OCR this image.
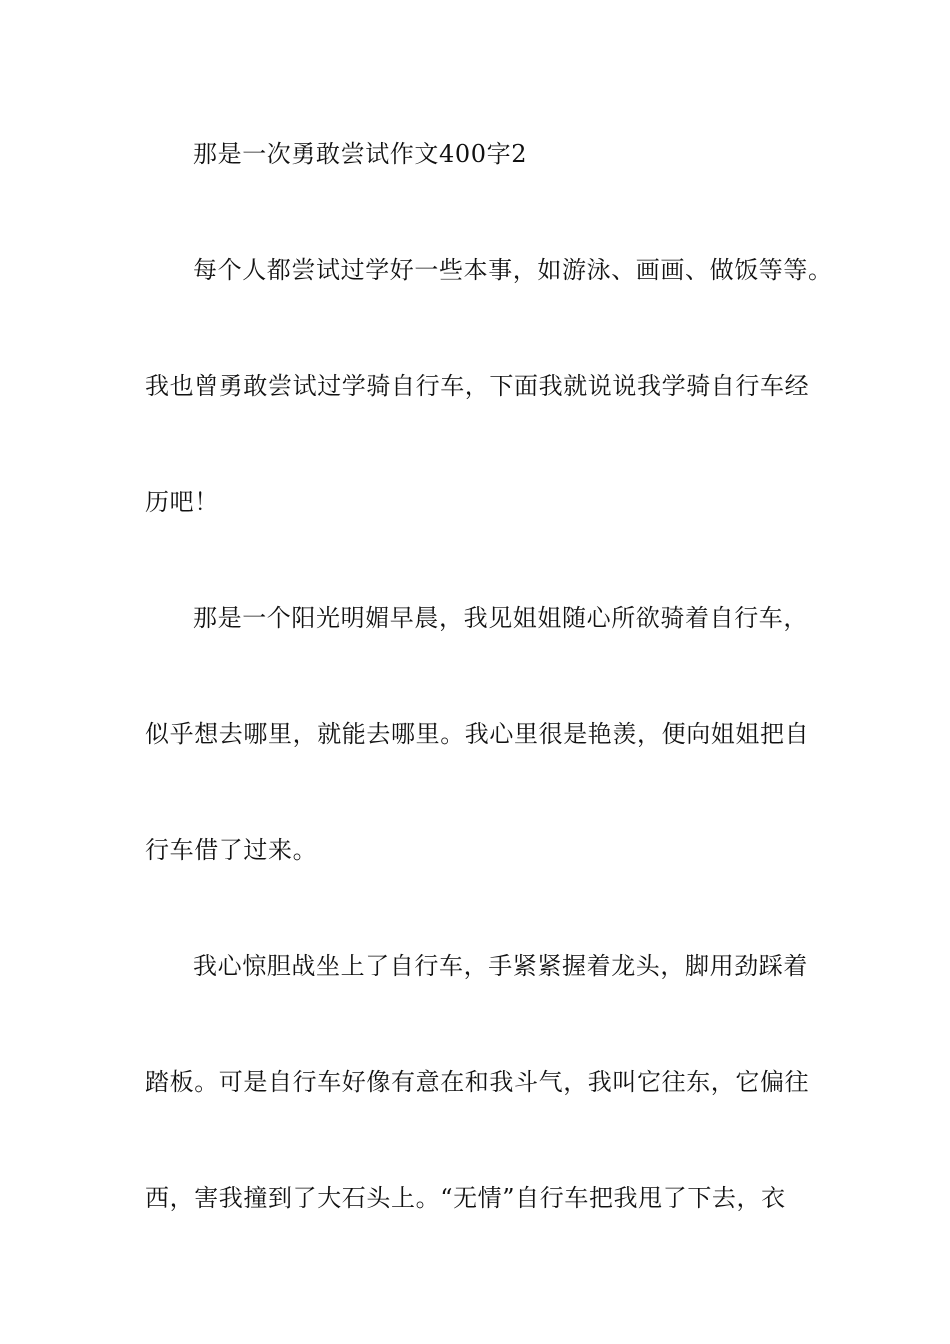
那是一次勇敢尝试作文400字2
每个人都尝试过学好一些本事，如游泳、画画、做饭等等。
我也曾勇敢尝试过学骑自行车，下面我就说说我学骑自行车经
历吧！
那是一个阳光明媚早晨，我见姐姐随心所欲骑着自行车，
似乎想去哪里，就能去哪里。我心里很是艳羡，便向姐姐把自
行车借了过来。
我心惊胆战坐上了自行车，手紧紧握着龙头，脚用劲踩着
踏板。可是自行车好像有意在和我斗气，我叫它往东，它偏往
西，害我撞到了大石头上。“无情”自行车把我甩了下去，衣
